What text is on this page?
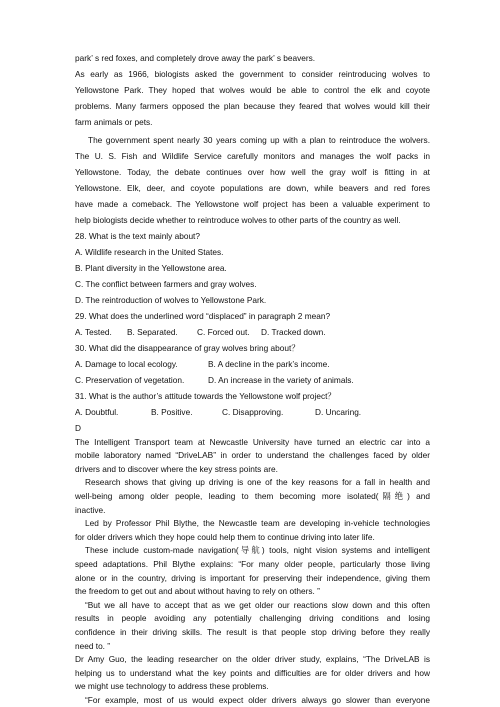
park’ s red foxes, and completely drove away the park’ s beavers.
As early as 1966, biologists asked the government to consider reintroducing wolves to
Yellowstone Park. They hoped that wolves would be able to control the elk and coyote
problems. Many farmers opposed the plan because they feared that wolves would kill their
farm animals or pets.
The government spent nearly 30 years coming up with a plan to reintroduce the wolvers.
The U. S. Fish and Wildlife Service carefully monitors and manages the wolf packs in
Yellowstone. Today, the debate continues over how well the gray wolf is fitting in at
Yellowstone. Elk, deer, and coyote populations are down, while beavers and red fores
have made a comeback. The Yellowstone wolf project has been a valuable experiment to
help biologists decide whether to reintroduce wolves to other parts of the country as well.
28. What is the text mainly about?
A. Wildlife research in the United States.
B. Plant diversity in the Yellowstone area.
C. The conflict between farmers and gray wolves.
D. The reintroduction of wolves to Yellowstone Park.
29. What does the underlined word “displaced” in paragraph 2 mean?
A. Tested.	B. Separated.	C. Forced out.	D. Tracked down.
30. What did the disappearance of gray wolves bring about？
A. Damage to local ecology.	B. A decline in the park’s income.
C. Preservation of vegetation.	D. An increase in the variety of animals.
31. What is the author’s attitude towards the Yellowstone wolf project？
A. Doubtful.	B. Positive.	C. Disapproving.	D. Uncaring.
D
The Intelligent Transport team at Newcastle University have turned an electric car into a
mobile laboratory named “DriveLAB” in order to understand the challenges faced by older
drivers and to discover where the key stress points are.
Research shows that giving up driving is one of the key reasons for a fall in health and
well-being among older people, leading to them becoming more isolated(隔绝) and
inactive.
Led by Professor Phil Blythe, the Newcastle team are developing in-vehicle technologies
for older drivers which they hope could help them to continue driving into later life.
These include custom-made navigation(导航) tools, night vision systems and intelligent
speed adaptations. Phil Blythe explains: “For many older people, particularly those living
alone or in the country, driving is important for preserving their independence, giving them
the freedom to get out and about without having to rely on others. ”
“But we all have to accept that as we get older our reactions slow down and this often
results in people avoiding any potentially challenging driving conditions and losing
confidence in their driving skills. The result is that people stop driving before they really
need to. ”
Dr Amy Guo, the leading researcher on the older driver study, explains, “The DriveLAB is
helping us to understand what the key points and difficulties are for older drivers and how
we might use technology to address these problems.
“For example, most of us would expect older drivers always go slower than everyone
